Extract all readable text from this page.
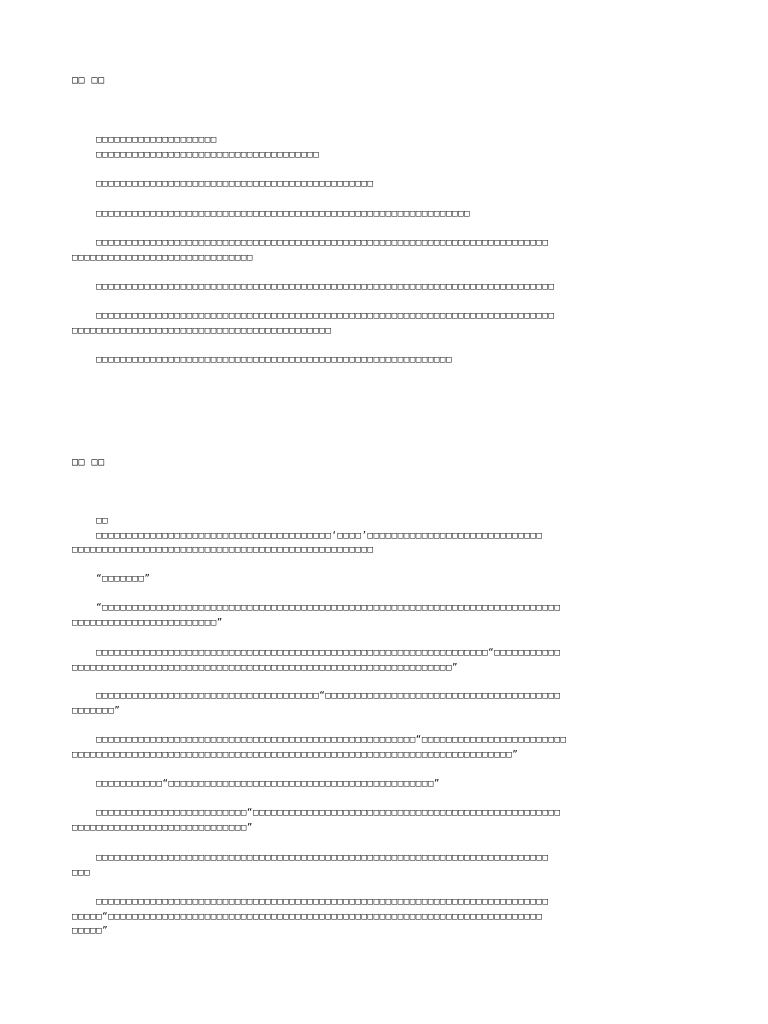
□□ □□
□□□□□□□□□□□□□□□□□□□□
□□□□□□□□□□□□□□□□□□□□□□□□□□□□□□□□□□□□□
□□□□□□□□□□□□□□□□□□□□□□□□□□□□□□□□□□□□□□□□□□□□□□
□□□□□□□□□□□□□□□□□□□□□□□□□□□□□□□□□□□□□□□□□□□□□□□□□□□□□□□□□□□□□□
□□□□□□□□□□□□□□□□□□□□□□□□□□□□□□□□□□□□□□□□□□□□□□□□□□□□□□□□□□□□□□□□□□□□□□□□□□□
□□□□□□□□□□□□□□□□□□□□□□□□□□□□□□
□□□□□□□□□□□□□□□□□□□□□□□□□□□□□□□□□□□□□□□□□□□□□□□□□□□□□□□□□□□□□□□□□□□□□□□□□□□□
□□□□□□□□□□□□□□□□□□□□□□□□□□□□□□□□□□□□□□□□□□□□□□□□□□□□□□□□□□□□□□□□□□□□□□□□□□□□
□□□□□□□□□□□□□□□□□□□□□□□□□□□□□□□□□□□□□□□□□□□
□□□□□□□□□□□□□□□□□□□□□□□□□□□□□□□□□□□□□□□□□□□□□□□□□□□□□□□□□□□
□□ □□
□□
□□□□□□□□□□□□□□□□□□□□□□□□□□□□□□□□□□□□□□□‘□□□□’□□□□□□□□□□□□□□□□□□□□□□□□□□□□□
□□□□□□□□□□□□□□□□□□□□□□□□□□□□□□□□□□□□□□□□□□□□□□□□□□
“□□□□□□□”
“□□□□□□□□□□□□□□□□□□□□□□□□□□□□□□□□□□□□□□□□□□□□□□□□□□□□□□□□□□□□□□□□□□□□□□□□□□□□
□□□□□□□□□□□□□□□□□□□□□□□□”
□□□□□□□□□□□□□□□□□□□□□□□□□□□□□□□□□□□□□□□□□□□□□□□□□□□□□□□□□□□□□□□□□“□□□□□□□□□□□
□□□□□□□□□□□□□□□□□□□□□□□□□□□□□□□□□□□□□□□□□□□□□□□□□□□□□□□□□□□□□□□”
□□□□□□□□□□□□□□□□□□□□□□□□□□□□□□□□□□□□□“□□□□□□□□□□□□□□□□□□□□□□□□□□□□□□□□□□□□□□□
□□□□□□□”
□□□□□□□□□□□□□□□□□□□□□□□□□□□□□□□□□□□□□□□□□□□□□□□□□□□□□“□□□□□□□□□□□□□□□□□□□□□□□□
□□□□□□□□□□□□□□□□□□□□□□□□□□□□□□□□□□□□□□□□□□□□□□□□□□□□□□□□□□□□□□□□□□□□□□□□□”
□□□□□□□□□□□“□□□□□□□□□□□□□□□□□□□□□□□□□□□□□□□□□□□□□□□□□□□□”
□□□□□□□□□□□□□□□□□□□□□□□□□“□□□□□□□□□□□□□□□□□□□□□□□□□□□□□□□□□□□□□□□□□□□□□□□□□□□
□□□□□□□□□□□□□□□□□□□□□□□□□□□□□”
□□□□□□□□□□□□□□□□□□□□□□□□□□□□□□□□□□□□□□□□□□□□□□□□□□□□□□□□□□□□□□□□□□□□□□□□□□□
□□□
□□□□□□□□□□□□□□□□□□□□□□□□□□□□□□□□□□□□□□□□□□□□□□□□□□□□□□□□□□□□□□□□□□□□□□□□□□□
□□□□□“□□□□□□□□□□□□□□□□□□□□□□□□□□□□□□□□□□□□□□□□□□□□□□□□□□□□□□□□□□□□□□□□□□□□□□□□
□□□□□”
